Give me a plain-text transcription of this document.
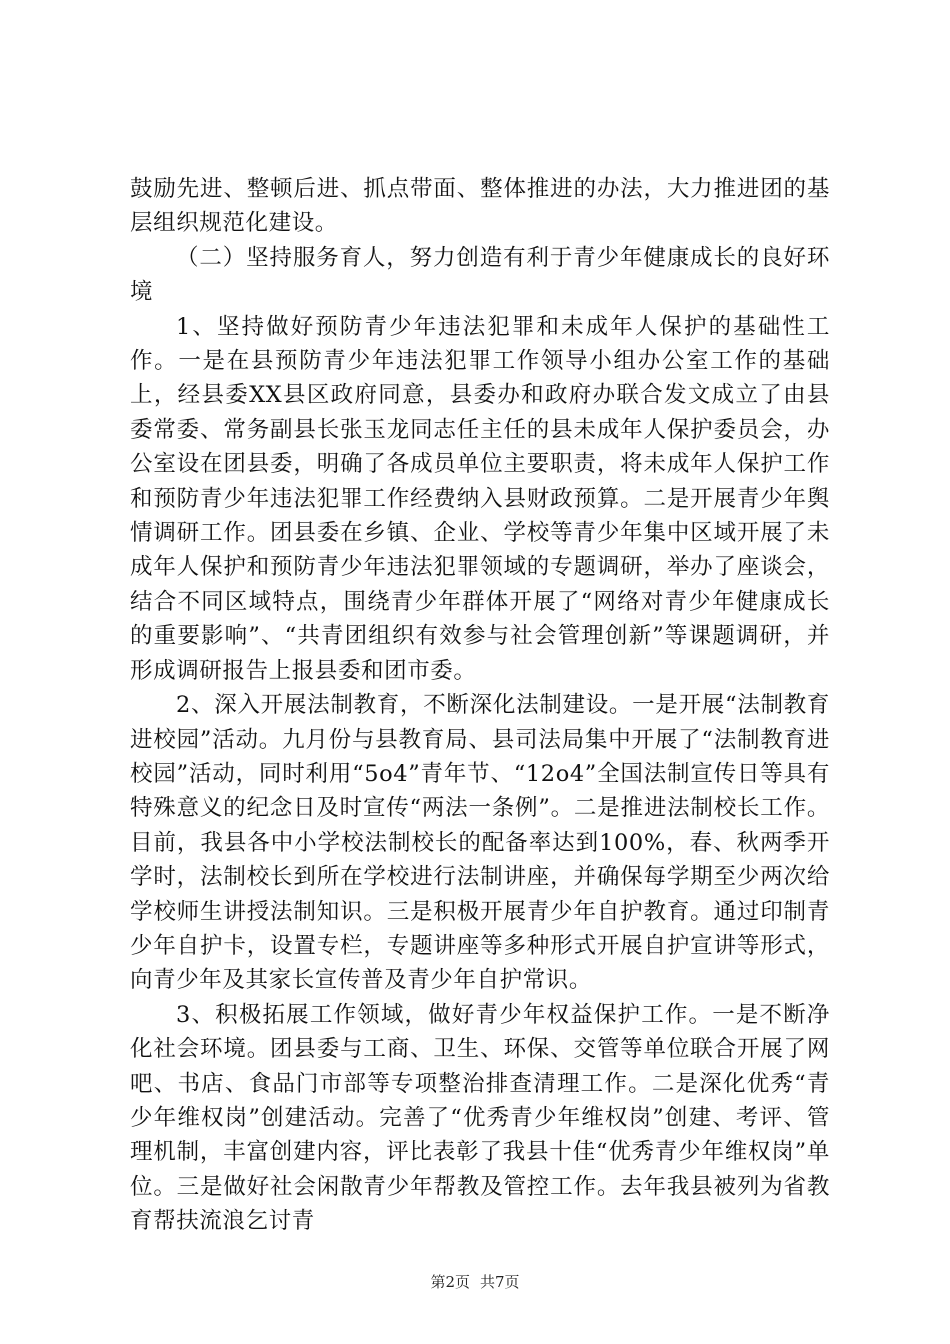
鼓励先进、整顿后进、抓点带面、整体推进的办法，大力推进团的基层组织规范化建设。

（二）坚持服务育人，努力创造有利于青少年健康成长的良好环境

1、坚持做好预防青少年违法犯罪和未成年人保护的基础性工作。一是在县预防青少年违法犯罪工作领导小组办公室工作的基础上，经县委XX县区政府同意，县委办和政府办联合发文成立了由县委常委、常务副县长张玉龙同志任主任的县未成年人保护委员会，办公室设在团县委，明确了各成员单位主要职责，将未成年人保护工作和预防青少年违法犯罪工作经费纳入县财政预算。二是开展青少年舆情调研工作。团县委在乡镇、企业、学校等青少年集中区域开展了未成年人保护和预防青少年违法犯罪领域的专题调研，举办了座谈会，结合不同区域特点，围绕青少年群体开展了“网络对青少年健康成长的重要影响”、“共青团组织有效参与社会管理创新”等课题调研，并形成调研报告上报县委和团市委。

2、深入开展法制教育，不断深化法制建设。一是开展“法制教育进校园”活动。九月份与县教育局、县司法局集中开展了“法制教育进校园”活动，同时利用“5o4”青年节、“12o4”全国法制宣传日等具有特殊意义的纪念日及时宣传“两法一条例”。二是推进法制校长工作。目前，我县各中小学校法制校长的配备率达到100%，春、秋两季开学时，法制校长到所在学校进行法制讲座，并确保每学期至少两次给学校师生讲授法制知识。三是积极开展青少年自护教育。通过印制青少年自护卡，设置专栏，专题讲座等多种形式开展自护宣讲等形式，向青少年及其家长宣传普及青少年自护常识。

3、积极拓展工作领域，做好青少年权益保护工作。一是不断净化社会环境。团县委与工商、卫生、环保、交管等单位联合开展了网吧、书店、食品门市部等专项整治排查清理工作。二是深化优秀“青少年维权岗”创建活动。完善了“优秀青少年维权岗”创建、考评、管理机制，丰富创建内容，评比表彰了我县十佳“优秀青少年维权岗”单位。三是做好社会闲散青少年帮教及管控工作。去年我县被列为省教育帮扶流浪乞讨青

第2页 共7页
